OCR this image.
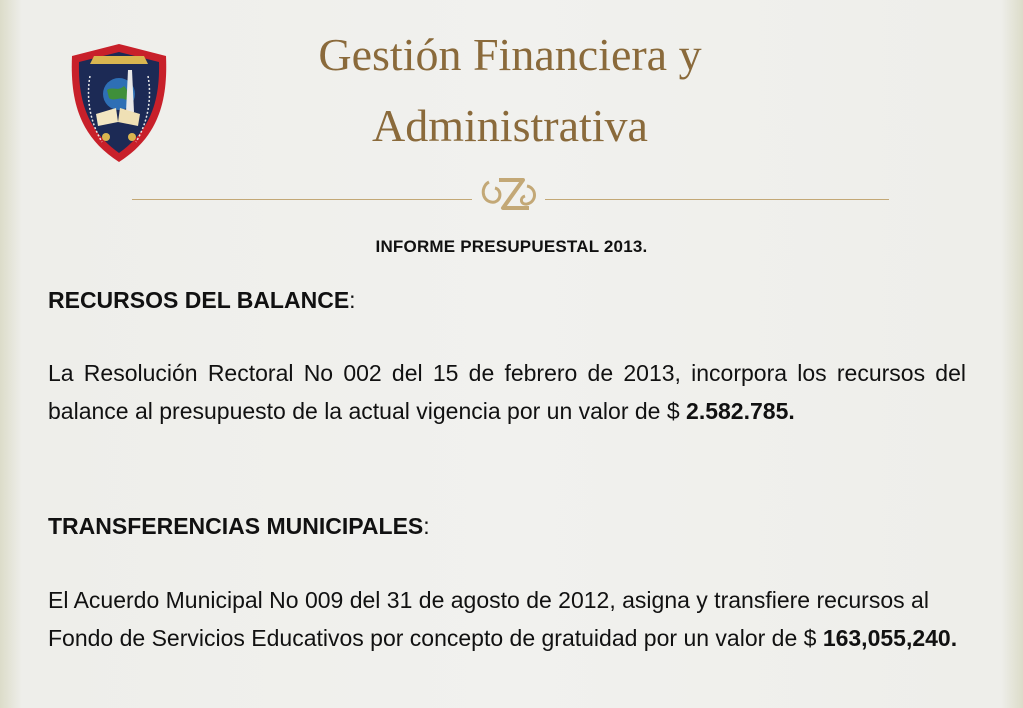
Gestión Financiera y
Administrativa
INFORME PRESUPUESTAL 2013.
RECURSOS DEL BALANCE:
La Resolución Rectoral No 002 del 15 de febrero de 2013, incorpora los recursos del balance al presupuesto de la actual vigencia por un valor de $ 2.582.785.
TRANSFERENCIAS MUNICIPALES:
El Acuerdo Municipal No 009 del 31 de agosto de 2012, asigna y transfiere recursos al Fondo de Servicios Educativos por concepto de gratuidad por un valor de $ 163,055,240.
